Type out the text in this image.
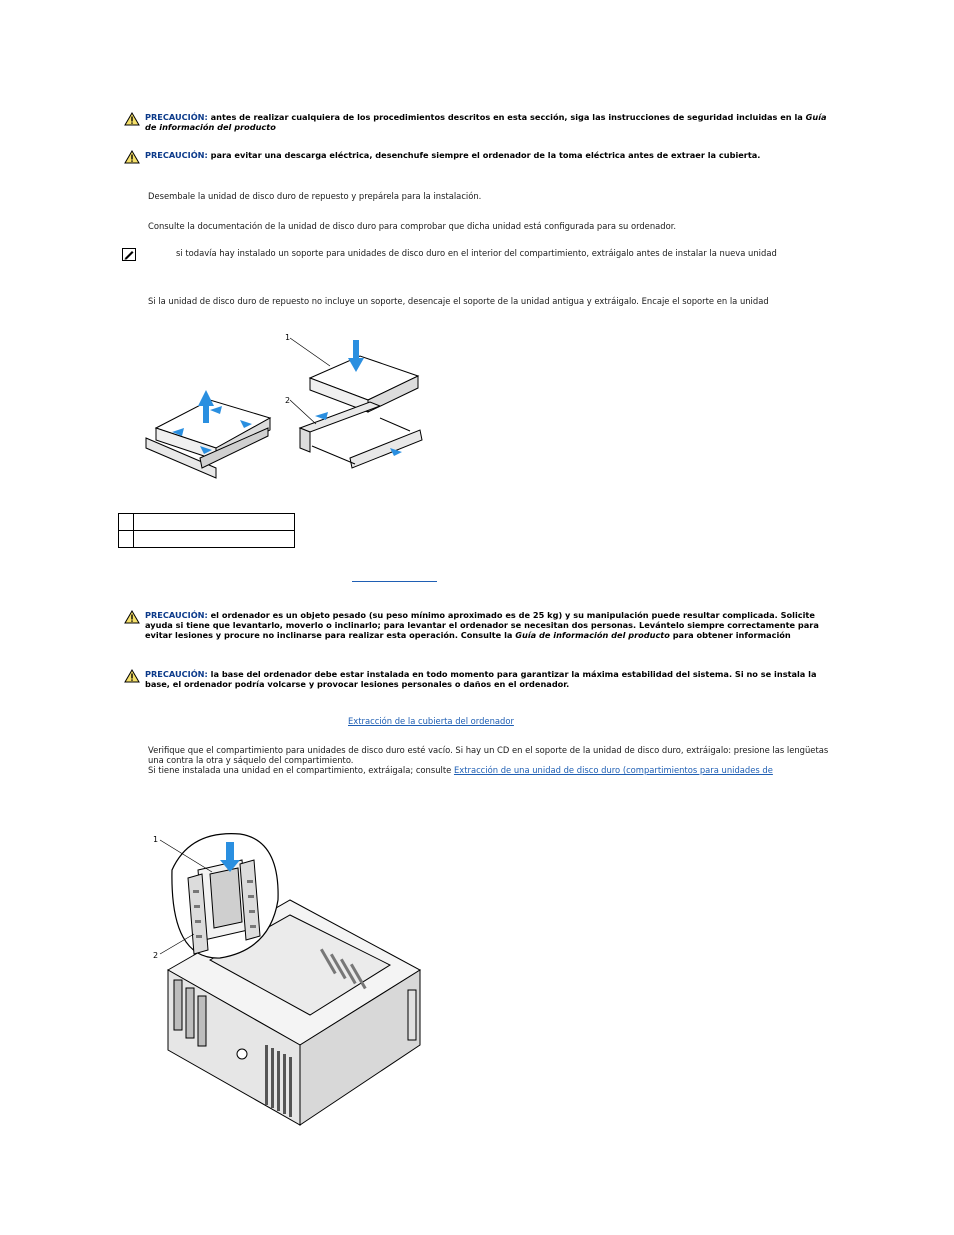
PRECAUCIÓN: antes de realizar cualquiera de los procedimientos descritos en esta sección, siga las instrucciones de seguridad incluidas en la Guía de información del producto
PRECAUCIÓN: para evitar una descarga eléctrica, desenchufe siempre el ordenador de la toma eléctrica antes de extraer la cubierta.
Desembale la unidad de disco duro de repuesto y prepárela para la instalación.
Consulte la documentación de la unidad de disco duro para comprobar que dicha unidad está configurada para su ordenador.
si todavía hay instalado un soporte para unidades de disco duro en el interior del compartimiento, extráigalo antes de instalar la nueva unidad
Si la unidad de disco duro de repuesto no incluye un soporte, desencaje el soporte de la unidad antigua y extráigalo. Encaje el soporte en la unidad
1
2

PRECAUCIÓN: el ordenador es un objeto pesado (su peso mínimo aproximado es de 25 kg) y su manipulación puede resultar complicada. Solicite ayuda si tiene que levantarlo, moverlo o inclinarlo; para levantar el ordenador se necesitan dos personas. Levántelo siempre correctamente para evitar lesiones y procure no inclinarse para realizar esta operación. Consulte la Guía de información del producto para obtener información
PRECAUCIÓN: la base del ordenador debe estar instalada en todo momento para garantizar la máxima estabilidad del sistema. Si no se instala la base, el ordenador podría volcarse y provocar lesiones personales o daños en el ordenador.
Extracción de la cubierta del ordenador
Verifique que el compartimiento para unidades de disco duro esté vacío. Si hay un CD en el soporte de la unidad de disco duro, extráigalo: presione las lengüetas una contra la otra y sáquelo del compartimiento.
Si tiene instalada una unidad en el compartimiento, extráigala; consulte Extracción de una unidad de disco duro (compartimientos para unidades de

1
2
